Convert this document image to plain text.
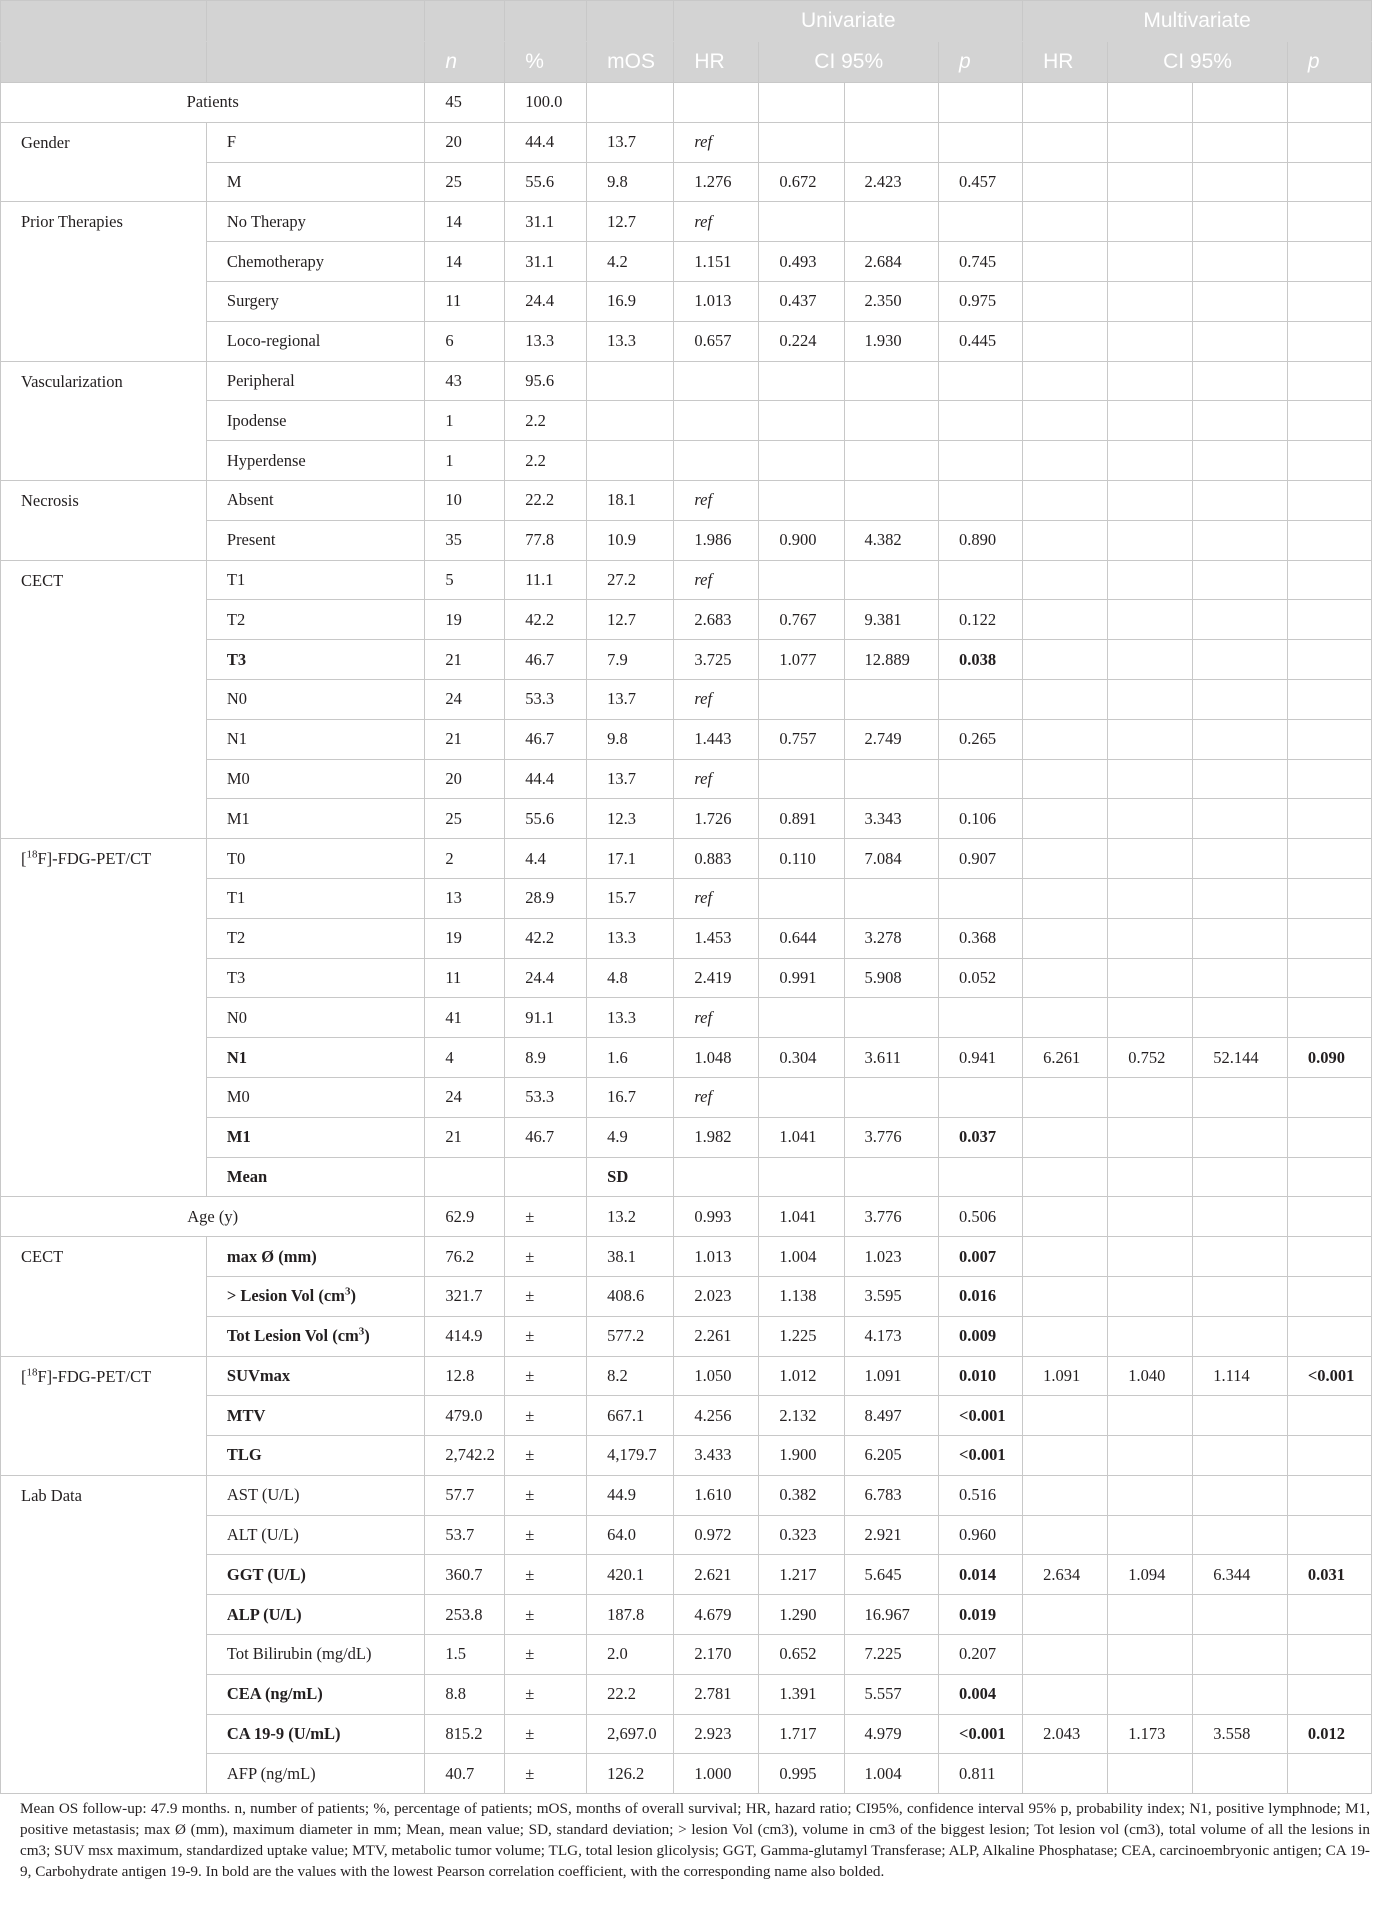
					Univariate				Multivariate			
		n	%	mOS	HR	CI 95%		p	HR	CI 95%		p
Patients		45	100.0									
Gender	F	20	44.4	13.7	ref							
	M	25	55.6	9.8	1.276	0.672	2.423	0.457				
Prior Therapies	No Therapy	14	31.1	12.7	ref							
	Chemotherapy	14	31.1	4.2	1.151	0.493	2.684	0.745				
	Surgery	11	24.4	16.9	1.013	0.437	2.350	0.975				
	Loco-regional	6	13.3	13.3	0.657	0.224	1.930	0.445				
Vascularization	Peripheral	43	95.6									
	Ipodense	1	2.2									
	Hyperdense	1	2.2									
Necrosis	Absent	10	22.2	18.1	ref							
	Present	35	77.8	10.9	1.986	0.900	4.382	0.890				
CECT	T1	5	11.1	27.2	ref							
	T2	19	42.2	12.7	2.683	0.767	9.381	0.122				
	T3	21	46.7	7.9	3.725	1.077	12.889	0.038				
	N0	24	53.3	13.7	ref							
	N1	21	46.7	9.8	1.443	0.757	2.749	0.265				
	M0	20	44.4	13.7	ref							
	M1	25	55.6	12.3	1.726	0.891	3.343	0.106				
[$^{18}$F]-FDG-PET/CT	T0	2	4.4	17.1	0.883	0.110	7.084	0.907				
	T1	13	28.9	15.7	ref							
	T2	19	42.2	13.3	1.453	0.644	3.278	0.368				
	T3	11	24.4	4.8	2.419	0.991	5.908	0.052				
	N0	41	91.1	13.3	ref							
	N1	4	8.9	1.6	1.048	0.304	3.611	0.941	6.261	0.752	52.144	0.090
	M0	24	53.3	16.7	ref							
	M1	21	46.7	4.9	1.982	1.041	3.776	0.037				
	Mean			SD								
Age (y)		62.9	±	13.2	0.993	1.041	3.776	0.506				
CECT	max Ø (mm)	76.2	±	38.1	1.013	1.004	1.023	0.007				
	> Lesion Vol $(cm^3)$	321.7	±	408.6	2.023	1.138	3.595	0.016				
	Tot Lesion Vol $(cm^3)$	414.9	±	577.2	2.261	1.225	4.173	0.009				
[$^{18}$F]-FDG-PET/CT	SUVmax	12.8	±	8.2	1.050	1.012	1.091	0.010	1.091	1.040	1.114	<0.001
	MTV	479.0	±	667.1	4.256	2.132	8.497	<0.001				
	TLG	2,742.2	±	4,179.7	3.433	1.900	6.205	<0.001				
Lab Data	AST (U/L)	57.7	±	44.9	1.610	0.382	6.783	0.516				
	ALT (U/L)	53.7	±	64.0	0.972	0.323	2.921	0.960				
	GGT (U/L)	360.7	±	420.1	2.621	1.217	5.645	0.014	2.634	1.094	6.344	0.031
	ALP (U/L)	253.8	±	187.8	4.679	1.290	16.967	0.019				
	Tot Bilirubin (mg/dL)	1.5	±	2.0	2.170	0.652	7.225	0.207				
	CEA (ng/mL)	8.8	±	22.2	2.781	1.391	5.557	0.004				
	CA 19-9 (U/mL)	815.2	±	2,697.0	2.923	1.717	4.979	<0.001	2.043	1.173	3.558	0.012
	AFP (ng/mL)	40.7	±	126.2	1.000	0.995	1.004	0.811				
Mean OS follow-up: 47.9 months. n, number of patients; %, percentage of patients; mOS, months of overall survival; HR, hazard ratio; CI95%, confidence interval 95% p, probability index; N1, positive lymphnode; M1, positive metastasis; max Ø (mm), maximum diameter in mm; Mean, mean value; SD, standard deviation; > lesion Vol (cm3), volume in cm3 of the biggest lesion; Tot lesion vol (cm3), total volume of all the lesions in cm3; SUV msx maximum, standardized uptake value; MTV, metabolic tumor volume; TLG, total lesion glicolysis; GGT, Gamma-glutamyl Transferase; ALP, Alkaline Phosphatase; CEA, carcinoembryonic antigen; CA 19-9, Carbohydrate antigen 19-9. In bold are the values with the lowest Pearson correlation coefficient, with the corresponding name also bolded.
